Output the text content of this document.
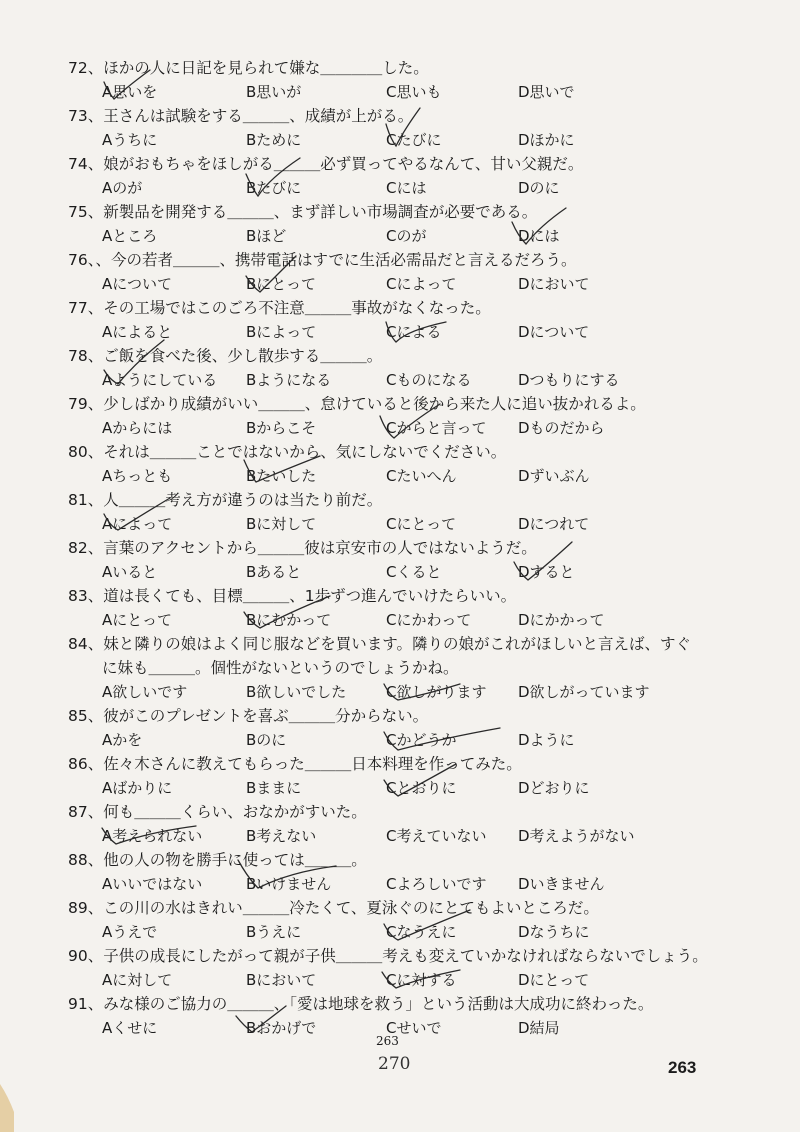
72、ほかの人に日記を見られて嫌な＿＿＿＿した。
A思いを	B思いが	C思いも	D思いで
73、王さんは試験をする＿＿＿、成績が上がる。
Aうちに	Bために	Cたびに	Dほかに
74、娘がおもちゃをほしがる＿＿＿必ず買ってやるなんて、甘い父親だ。
Aのが	Bたびに	Cには	Dのに
75、新製品を開発する＿＿＿、まず詳しい市場調査が必要である。
Aところ	Bほど	Cのが	Dには
76、、今の若者＿＿＿、携帯電話はすでに生活必需品だと言えるだろう。
Aについて	Bにとって	Cによって	Dにおいて
77、その工場ではこのごろ不注意＿＿＿事故がなくなった。
Aによると	Bによって	Cによる	Dについて
78、ご飯を食べた後、少し散歩する＿＿＿。
Aようにしている Bようになる	Cものになる	Dつもりにする
79、少しばかり成績がいい＿＿＿、怠けていると後から来た人に追い抜かれるよ。
Aからには	Bからこそ	Cからと言って Dものだから
80、それは＿＿＿ことではないから、気にしないでください。
Aちっとも	Bたいした	Cたいへん	Dずいぶん
81、人＿＿＿考え方が違うのは当たり前だ。
Aによって	Bに対して	Cにとって	Dにつれて
82、言葉のアクセントから＿＿＿彼は京安市の人ではないようだ。
Aいると	Bあると	Cくると	Dすると
83、道は長くても、目標＿＿＿、1歩ずつ進んでいけたらいい。
Aにとって	Bにむかって	Cにかわって	Dにかかって
84、妹と隣りの娘はよく同じ服などを買います。隣りの娘がこれがほしいと言えば、すぐ
に妹も＿＿＿。個性がないというのでしょうかね。
A欲しいです	B欲しいでした	C欲しがります D欲しがっています
85、彼がこのプレゼントを喜ぶ＿＿＿分からない。
Aかを	Bのに	Cかどうか	Dように
86、佐々木さんに教えてもらった＿＿＿日本料理を作ってみた。
Aばかりに	Bままに	Cとおりに	Dどおりに
87、何も＿＿＿くらい、おなかがすいた。
A考えられない	B考えない	C考えていない D考えようがない
88、他の人の物を勝手に使っては＿＿＿。
Aいいではない	Bいけません	Cよろしいです Dいきません
89、この川の水はきれい＿＿＿冷たくて、夏泳ぐのにとてもよいところだ。
Aうえで	Bうえに	Cなうえに	Dなうちに
90、子供の成長にしたがって親が子供＿＿＿考えも変えていかなければならないでしょう。
Aに対して	Bにおいて	Cに対する	Dにとって
91、みな様のご協力の＿＿＿、「愛は地球を救う」という活動は大成功に終わった。
Aくせに	Bおかげで	Cせいで	D結局
263
270	263
